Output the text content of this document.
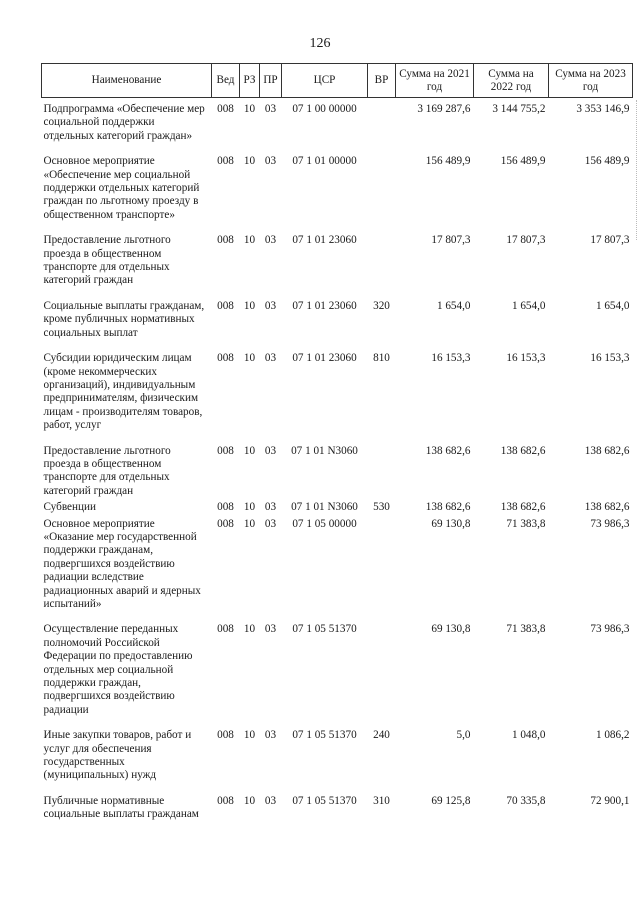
126
Наименование	Вед	РЗ	ПР	ЦСР	ВР	Сумма на 2021 год	Сумма на 2022 год	Сумма на 2023 год
Подпрограмма «Обеспечение мер социальной поддержки отдельных категорий граждан»	008	10	03	07 1 00 00000		3 169 287,6	3 144 755,2	3 353 146,9
Основное мероприятие «Обеспечение мер социальной поддержки отдельных категорий граждан по льготному проезду в общественном транспорте»	008	10	03	07 1 01 00000		156 489,9	156 489,9	156 489,9
Предоставление льготного проезда в общественном транспорте для отдельных категорий граждан	008	10	03	07 1 01 23060		17 807,3	17 807,3	17 807,3
Социальные выплаты гражданам, кроме публичных нормативных социальных выплат	008	10	03	07 1 01 23060	320	1 654,0	1 654,0	1 654,0
Субсидии юридическим лицам (кроме некоммерческих организаций), индивидуальным предпринимателям, физическим лицам - производителям товаров, работ, услуг	008	10	03	07 1 01 23060	810	16 153,3	16 153,3	16 153,3
Предоставление льготного проезда в общественном транспорте для отдельных категорий граждан	008	10	03	07 1 01 N3060		138 682,6	138 682,6	138 682,6
Субвенции	008	10	03	07 1 01 N3060	530	138 682,6	138 682,6	138 682,6
Основное мероприятие «Оказание мер государственной поддержки гражданам, подвергшихся воздействию радиации вследствие радиационных аварий и ядерных испытаний»	008	10	03	07 1 05 00000		69 130,8	71 383,8	73 986,3
Осуществление переданных полномочий Российской Федерации по предоставлению отдельных мер социальной поддержки граждан, подвергшихся воздействию радиации	008	10	03	07 1 05 51370		69 130,8	71 383,8	73 986,3
Иные закупки товаров, работ и услуг для обеспечения государственных (муниципальных) нужд	008	10	03	07 1 05 51370	240	5,0	1 048,0	1 086,2
Публичные нормативные социальные выплаты гражданам	008	10	03	07 1 05 51370	310	69 125,8	70 335,8	72 900,1
